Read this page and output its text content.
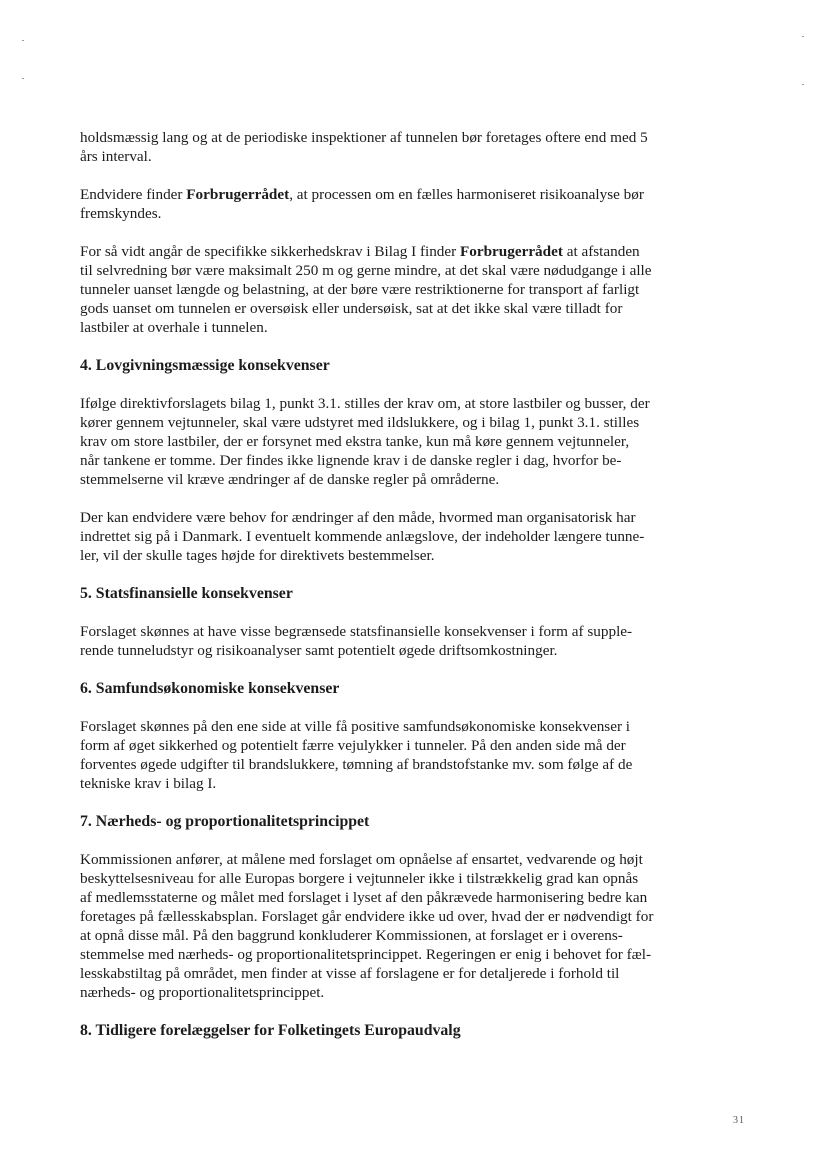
holdsmæssig lang og at de periodiske inspektioner af tunnelen bør foretages oftere end med 5
års interval.

Endvidere finder Forbrugerrådet, at processen om en fælles harmoniseret risikoanalyse bør
fremskyndes.

For så vidt angår de specifikke sikkerhedskrav i Bilag I finder Forbrugerrådet at afstanden
til selvredning bør være maksimalt 250 m og gerne mindre, at det skal være nødudgange i alle
tunneler uanset længde og belastning, at der børe være restriktionerne for transport af farligt
gods uanset om tunnelen er oversøisk eller undersøisk, sat at det ikke skal være tilladt for
lastbiler at overhale i tunnelen.

4. Lovgivningsmæssige konsekvenser

Ifølge direktivforslagets bilag 1, punkt 3.1. stilles der krav om, at store lastbiler og busser, der
kører gennem vejtunneler, skal være udstyret med ildslukkere, og i bilag 1, punkt 3.1. stilles
krav om store lastbiler, der er forsynet med ekstra tanke, kun må køre gennem vejtunneler,
når tankene er tomme. Der findes ikke lignende krav i de danske regler i dag, hvorfor be-
stemmelserne vil kræve ændringer af de danske regler på områderne.

Der kan endvidere være behov for ændringer af den måde, hvormed man organisatorisk har
indrettet sig på i Danmark. I eventuelt kommende anlægslove, der indeholder længere tunne-
ler, vil der skulle tages højde for direktivets bestemmelser.

5. Statsfinansielle konsekvenser

Forslaget skønnes at have visse begrænsede statsfinansielle konsekvenser i form af supple-
rende tunneludstyr og risikoanalyser samt potentielt øgede driftsomkostninger.

6. Samfundsøkonomiske konsekvenser

Forslaget skønnes på den ene side at ville få positive samfundsøkonomiske konsekvenser i
form af øget sikkerhed og potentielt færre vejulykker i tunneler. På den anden side må der
forventes øgede udgifter til brandslukkere, tømning af brandstofstanke mv. som følge af de
tekniske krav i bilag I.

7. Nærheds- og proportionalitetsprincippet

Kommissionen anfører, at målene med forslaget om opnåelse af ensartet, vedvarende og højt
beskyttelsesniveau for alle Europas borgere i vejtunneler ikke i tilstrækkelig grad kan opnås
af medlemsstaterne og målet med forslaget i lyset af den påkrævede harmonisering bedre kan
foretages på fællesskabsplan. Forslaget går endvidere ikke ud over, hvad der er nødvendigt for
at opnå disse mål. På den baggrund konkluderer Kommissionen, at forslaget er i overens-
stemmelse med nærheds- og proportionalitetsprincippet. Regeringen er enig i behovet for fæl-
lesskabstiltag på området, men finder at visse af forslagene er for detaljerede i forhold til
nærheds- og proportionalitetsprincippet.

8. Tidligere forelæggelser for Folketingets Europaudvalg
31
